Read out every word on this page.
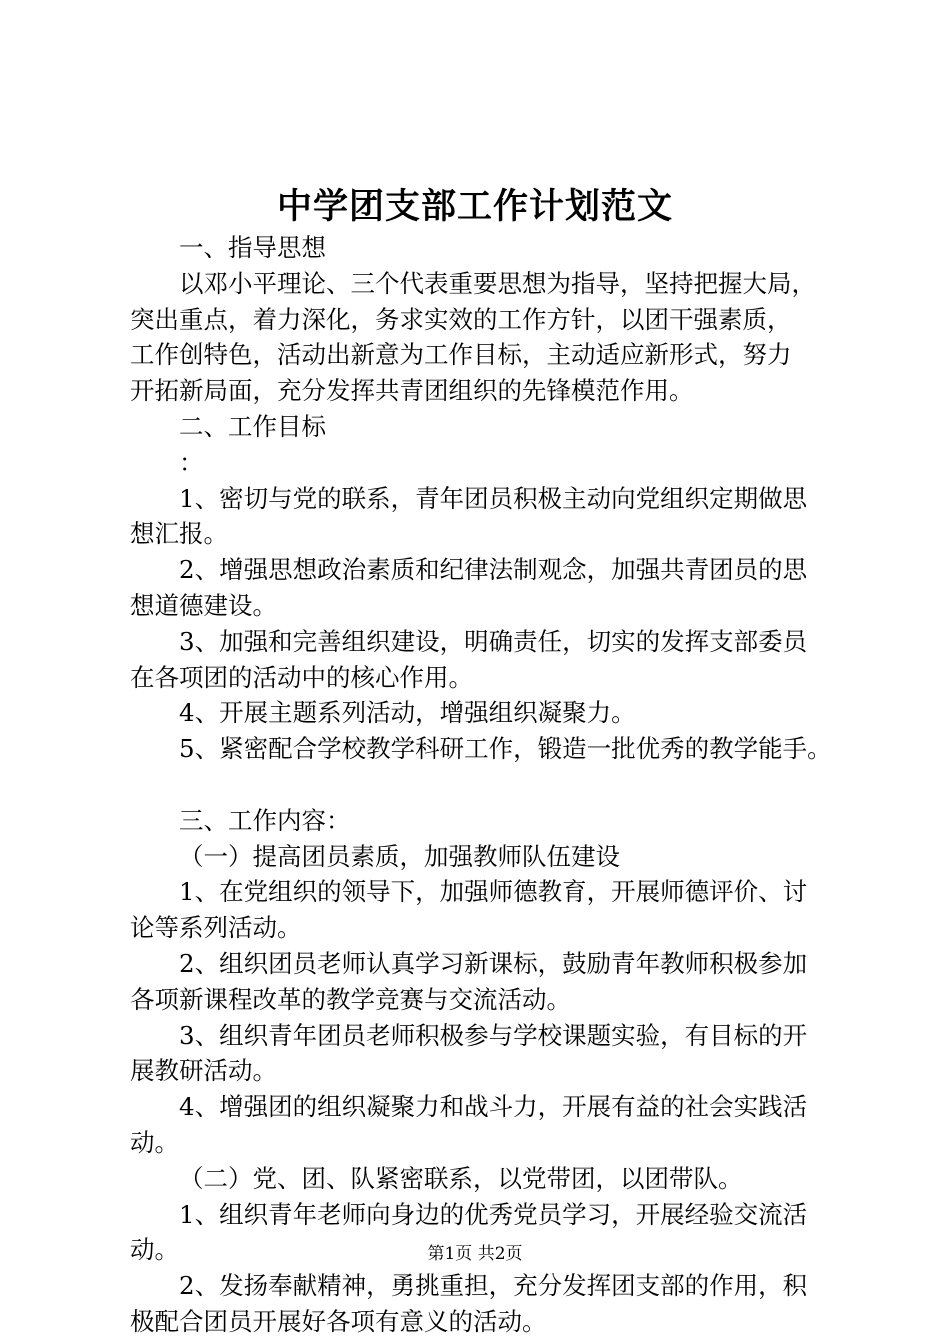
中学团支部工作计划范文
一、指导思想
以邓小平理论、三个代表重要思想为指导，坚持把握大局，
突出重点，着力深化，务求实效的工作方针，以团干强素质，
工作创特色，活动出新意为工作目标，主动适应新形式，努力
开拓新局面，充分发挥共青团组织的先锋模范作用。
二、工作目标
：
1、密切与党的联系，青年团员积极主动向党组织定期做思
想汇报。
2、增强思想政治素质和纪律法制观念，加强共青团员的思
想道德建设。
3、加强和完善组织建设，明确责任，切实的发挥支部委员
在各项团的活动中的核心作用。
4、开展主题系列活动，增强组织凝聚力。
5、紧密配合学校教学科研工作，锻造一批优秀的教学能手。
三、工作内容：
（一）提高团员素质，加强教师队伍建设
1、在党组织的领导下，加强师德教育，开展师德评价、讨
论等系列活动。
2、组织团员老师认真学习新课标，鼓励青年教师积极参加
各项新课程改革的教学竞赛与交流活动。
3、组织青年团员老师积极参与学校课题实验，有目标的开
展教研活动。
4、增强团的组织凝聚力和战斗力，开展有益的社会实践活
动。
（二）党、团、队紧密联系，以党带团，以团带队。
1、组织青年老师向身边的优秀党员学习，开展经验交流活
动。
2、发扬奉献精神，勇挑重担，充分发挥团支部的作用，积
极配合团员开展好各项有意义的活动。
第1页 共2页
